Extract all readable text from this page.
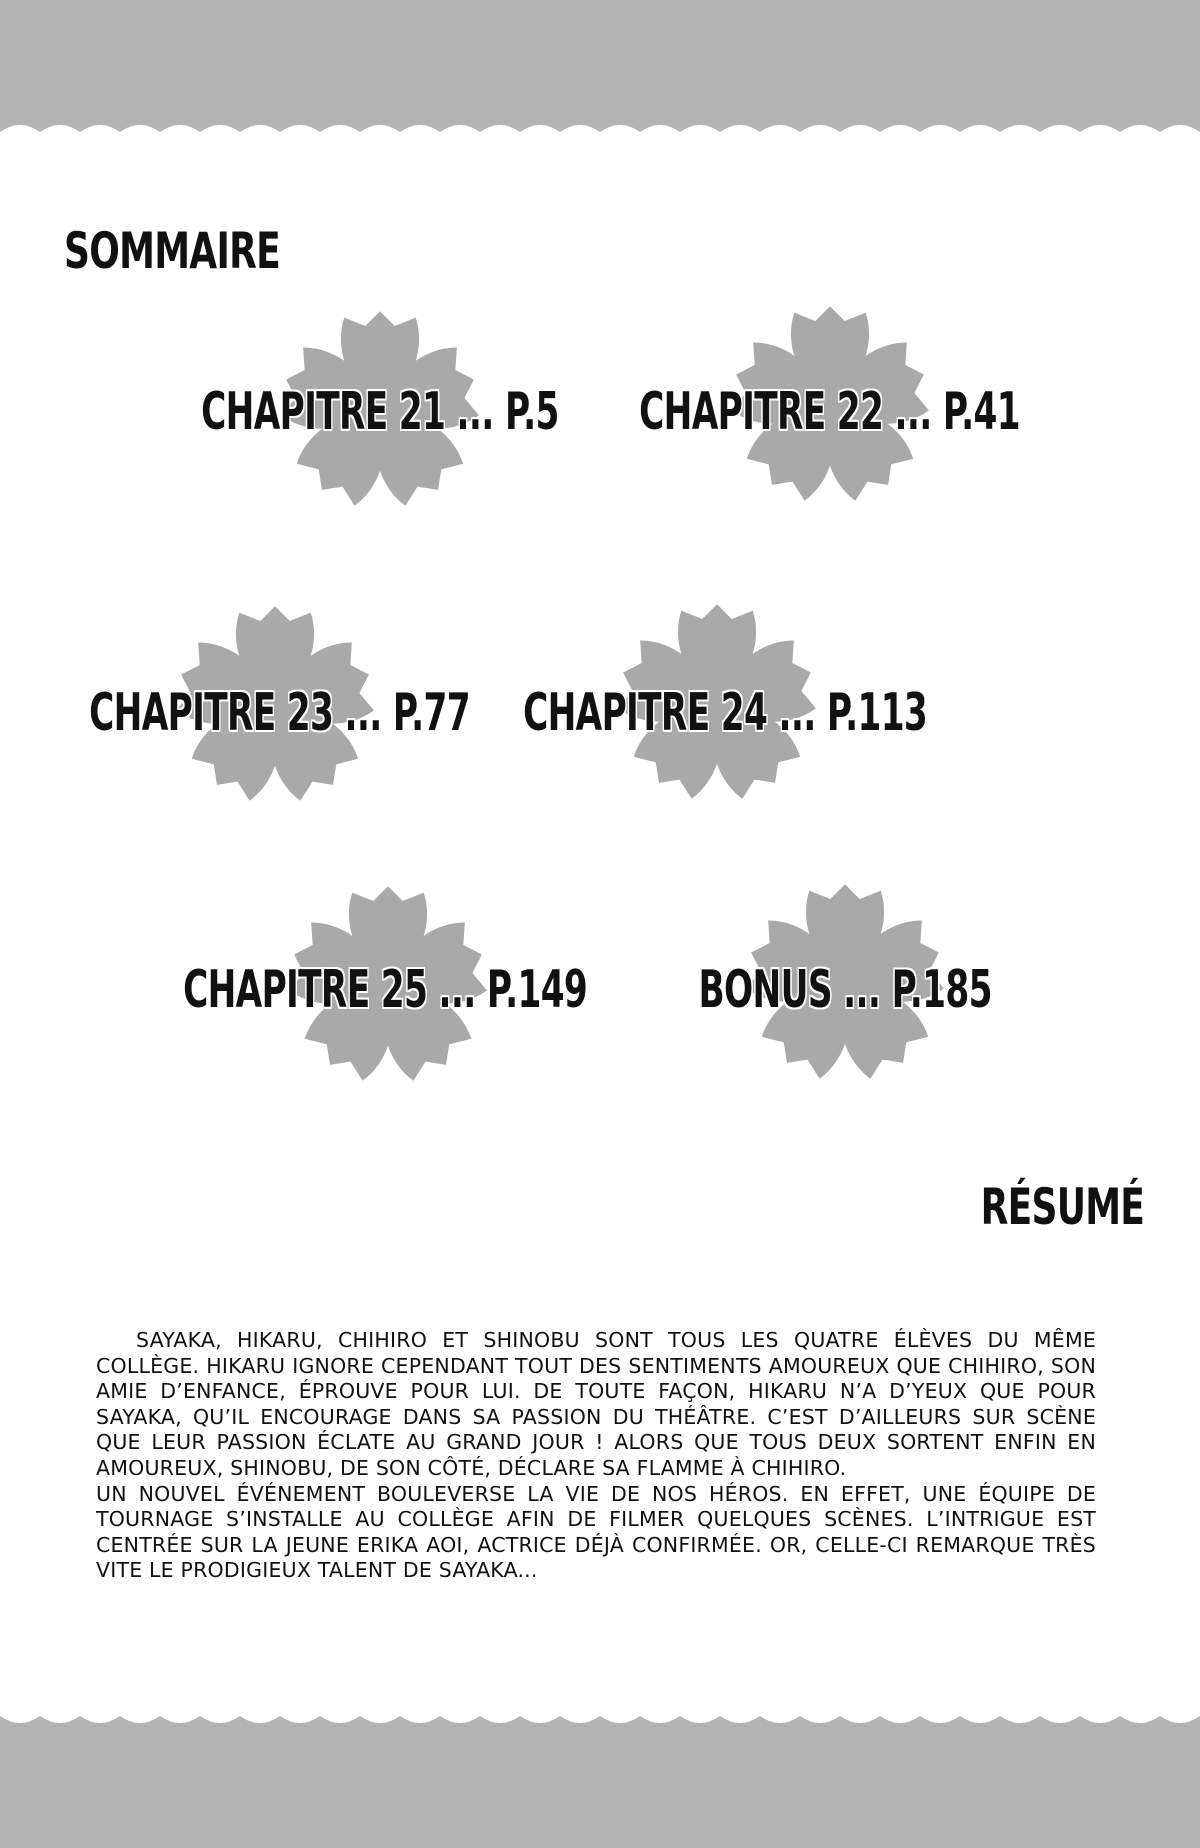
SOMMAIRE
CHAPITRE 21 ... P.5 CHAPITRE 22 ... P.41
CHAPITRE 23 ... P.77 CHAPITRE 24 ... P.113
CHAPITRE 25 ... P.149 BONUS ... P.185
RÉSUMÉ

SAYAKA, HIKARU, CHIHIRO ET SHINOBU SONT TOUS LES QUATRE ÉLÈVES DU MÊME COLLÈGE. HIKARU IGNORE CEPENDANT TOUT DES SENTIMENTS AMOUREUX QUE CHIHIRO, SON AMIE D’ENFANCE, ÉPROUVE POUR LUI. DE TOUTE FAÇON, HIKARU N’A D’YEUX QUE POUR SAYAKA, QU’IL ENCOURAGE DANS SA PASSION DU THÉÂTRE. C’EST D’AILLEURS SUR SCÈNE QUE LEUR PASSION ÉCLATE AU GRAND JOUR ! ALORS QUE TOUS DEUX SORTENT ENFIN EN AMOUREUX, SHINOBU, DE SON CÔTÉ, DÉCLARE SA FLAMME À CHIHIRO.

UN NOUVEL ÉVÉNEMENT BOULEVERSE LA VIE DE NOS HÉROS. EN EFFET, UNE ÉQUIPE DE TOURNAGE S’INSTALLE AU COLLÈGE AFIN DE FILMER QUELQUES SCÈNES. L’INTRIGUE EST CENTRÉE SUR LA JEUNE ERIKA AOI, ACTRICE DÉJÀ CONFIRMÉE. OR, CELLE-CI REMARQUE TRÈS VITE LE PRODIGIEUX TALENT DE SAYAKA...
